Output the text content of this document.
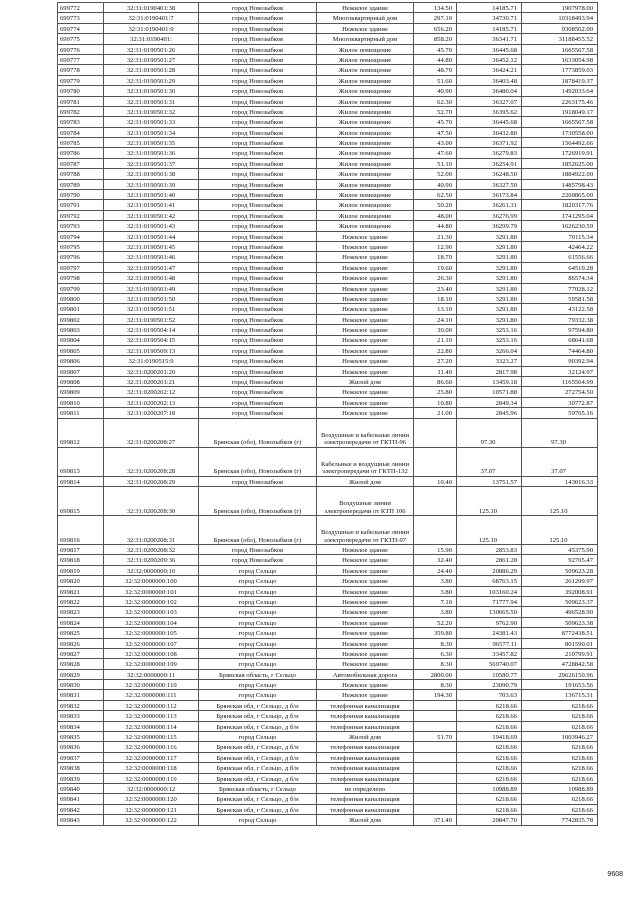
699772	32:31:0190401:38	город Новозыбков	Нежилое здание	134.50	14185.71	1907978.00
699773	32:31:0190401:7	город Новозыбков	Многоквартирный дом	297.10	34730.71	10318493.94
699774	32:31:0190401:9	город Новозыбков	Нежилое здание	656.20	14185.71	9308562.00
699775	32:31:0190401:	город Новозыбков	Многоквартирный дом	858.20	36341.71	31188455.52
699776	32:31:0190501:26	город Новозыбков	Жилое помещение	45.70	36445.68	1665567.58
699777	32:31:0190501:27	город Новозыбков	Жилое помещение	44.80	36452.12	1633054.98
699778	32:31:0190501:28	город Новозыбков	Жилое помещение	48.70	36424.21	1773859.03
699779	32:31:0190501:29	город Новозыбков	Жилое помещение	51.60	36403.48	1878419.37
699780	32:31:0190501:30	город Новозыбков	Жилое помещение	40.90	36480.04	1492033.64
699781	32:31:0190501:31	город Новозыбков	Жилое помещение	62.30	36327.07	2263175.46
699782	32:31:0190501:32	город Новозыбков	Жилое помещение	52.70	36395.62	1918049.17
699783	32:31:0190501:33	город Новозыбков	Жилое помещение	45.70	36445.68	1665567.58
699784	32:31:0190501:34	город Новозыбков	Жилое помещение	47.50	36432.80	1730558.00
699785	32:31:0190501:35	город Новозыбков	Жилое помещение	43.00	36371.92	1564492.66
699786	32:31:0190501:36	город Новозыбков	Жилое помещение	47.60	36279.83	1726919.91
699787	32:31:0190501:37	город Новозыбков	Жилое помещение	51.10	36254.91	1852625.00
699788	32:31:0190501:38	город Новозыбков	Жилое помещение	52.00	36248.50	1884922.00
699789	32:31:0190501:39	город Новозыбков	Жилое помещение	40.90	36327.50	1485798.43
699790	32:31:0190501:40	город Новозыбков	Жилое помещение	62.50	36173.84	2260865.00
699791	32:31:0190501:41	город Новозыбков	Жилое помещение	50.20	36261.31	1820317.76
699792	32:31:0190501:42	город Новозыбков	Жилое помещение	48.00	36276.99	1741295.04
699793	32:31:0190501:43	город Новозыбков	Жилое помещение	44.80	36299.79	1626230.59
699794	32:31:0190501:44	город Новозыбков	Нежилое здание	21.30	3291.80	70115.34
699795	32:31:0190501:45	город Новозыбков	Нежилое здание	12.90	3291.80	42464.22
699796	32:31:0190501:46	город Новозыбков	Нежилое здание	18.70	3291.80	61556.66
699797	32:31:0190501:47	город Новозыбков	Нежилое здание	19.60	3291.80	64519.28
699798	32:31:0190501:48	город Новозыбков	Нежилое здание	26.30	3291.80	86574.34
699799	32:31:0190501:49	город Новозыбков	Нежилое здание	23.40	3291.80	77028.12
699800	32:31:0190501:50	город Новозыбков	Нежилое здание	18.10	3291.80	59581.58
699801	32:31:0190501:51	город Новозыбков	Нежилое здание	13.10	3291.80	43122.58
699802	32:31:0190501:52	город Новозыбков	Нежилое здание	24.10	3291.80	79332.38
699803	32:31:0190504:14	город Новозыбков	Нежилое здание	30.00	3253.16	97594.80
699804	32:31:0190504:15	город Новозыбков	Нежилое здание	21.10	3253.16	68641.68
699805	32:31:0190509:13	город Новозыбков	Нежилое здание	22.80	3266.04	74464.80
699806	32:31:0190515:9	город Новозыбков	Нежилое здание	27.20	3323.27	90392.94
699807	32:31:0200201:20	город Новозыбков	Нежилое здание	11.40	2817.98	32124.97
699808	32:31:0200201:21	город Новозыбков	Жилой дом	86.60	13459.18	1165564.99
699809	32:31:0200202:12	город Новозыбков	Нежилое здание	25.80	10571.88	272754.50
699810	32:31:0200202:13	город Новозыбков	Нежилое здание	10.80	2849.34	30772.87
699811	32:31:0200207:18	город Новозыбков	Нежилое здание	21.00	2845.96	59765.16
699812	32:31:0200208:27	Брянская (обл), Новозыбков (г)	Воздушные и кабельные линии электропередачи от ГКТП-96		97.30	97.30
699813	32:31:0200208:28	Брянская (обл), Новозыбков (г)	Кабельные и воздушные линии электропередачи от ГКТП-132		37.07	37.07
699814	32:31:0200208:29	город Новозыбков	Жилой дом	10.40	13751.57	143016.33
699815	32:31:0200208:30	Брянская (обл), Новозыбков (г)	Воздушные линии электропередачи от КТП 106		125.10	125.10
699816	32:31:0200208:31	Брянская (обл), Новозыбков (г)	Воздушные и кабельные линии электропередачи от ГКТП-97		125.10	125.10
699817	32:31:0200208:32	город Новозыбков	Нежилое здание	15.90	2853.83	45375.90
699818	32:31:0200209:36	город Новозыбков	Нежилое здание	32.40	2861.28	92705.47
699819	32:32:0000000:10	город Сельцо	Нежилое здание	24.40	20886.29	509623.28
699820	32:32:0000000:100	город Сельцо	Нежилое здание	3.80	68763.15	261299.97
699821	32:32:0000000:101	город Сельцо	Нежилое здание	3.80	103160.24	392008.91
699822	32:32:0000000:102	город Сельцо	Нежилое здание	7.10	71777.94	509623.37
699823	32:32:0000000:103	город Сельцо	Нежилое здание	3.80	130665.50	496528.90
699824	32:32:0000000:104	город Сельцо	Нежилое здание	52.20	9762.90	509623.38
699825	32:32:0000000:105	город Сельцо	Нежилое здание	359.80	24381.43	8772438.51
699826	32:32:0000000:107	город Сельцо	Нежилое здание	8.30	96577.11	801590.01
699827	32:32:0000000:108	город Сельцо	Нежилое здание	6.30	33457.82	210799.91
699828	32:32:0000000:109	город Сельцо	Нежилое здание	8.30	569740.07	4728842.58
699829	32:32:0000000:11	Брянская область, г Сельцо	Автомобильная дорога	2800.00	10580.77	29626150.96
699830	32:32:0000000:110	город Сельцо	Нежилое здание	8.30	23090.79	191653.56
699831	32:32:0000000:111	город Сельцо	Нежилое здание	194.30	703.63	136715.31
699832	32:32:0000000:112	Брянская обл, г Сельцо, д б/н	телефонная канализация		6218.66	6218.66
699833	32:32:0000000:113	Брянская обл, г Сельцо, д б/н	телефонная канализация		6218.66	6218.66
699834	32:32:0000000:114	Брянская обл, г Сельцо, д б/н	телефонная канализация		6218.66	6218.66
699835	32:32:0000000:115	город Сельцо	Жилой дом	51.70	19418.69	1003946.27
699836	32:32:0000000:116	Брянская обл, г Сельцо, д б/н	телефонная канализация		6218.66	6218.66
699837	32:32:0000000:117	Брянская обл, г Сельцо, д б/н	телефонная канализация		6218.66	6218.66
699838	32:32:0000000:118	Брянская обл, г Сельцо, д б/н	телефонная канализация		6218.66	6218.66
699839	32:32:0000000:119	Брянская обл, г Сельцо, д б/н	телефонная канализация		6218.66	6218.66
699840	32:32:0000000:12	Брянская область, г Сельцо	не определено		10988.89	10988.89
699841	32:32:0000000:120	Брянская обл, г Сельцо, д б/н	телефонная канализация		6218.66	6218.66
699842	32:32:0000000:121	Брянская обл, г Сельцо, д б/н	телефонная канализация		6218.66	6218.66
699843	32:32:0000000:122	город Сельцо	Жилой дом	371.40	20847.70	7742835.78
9608
